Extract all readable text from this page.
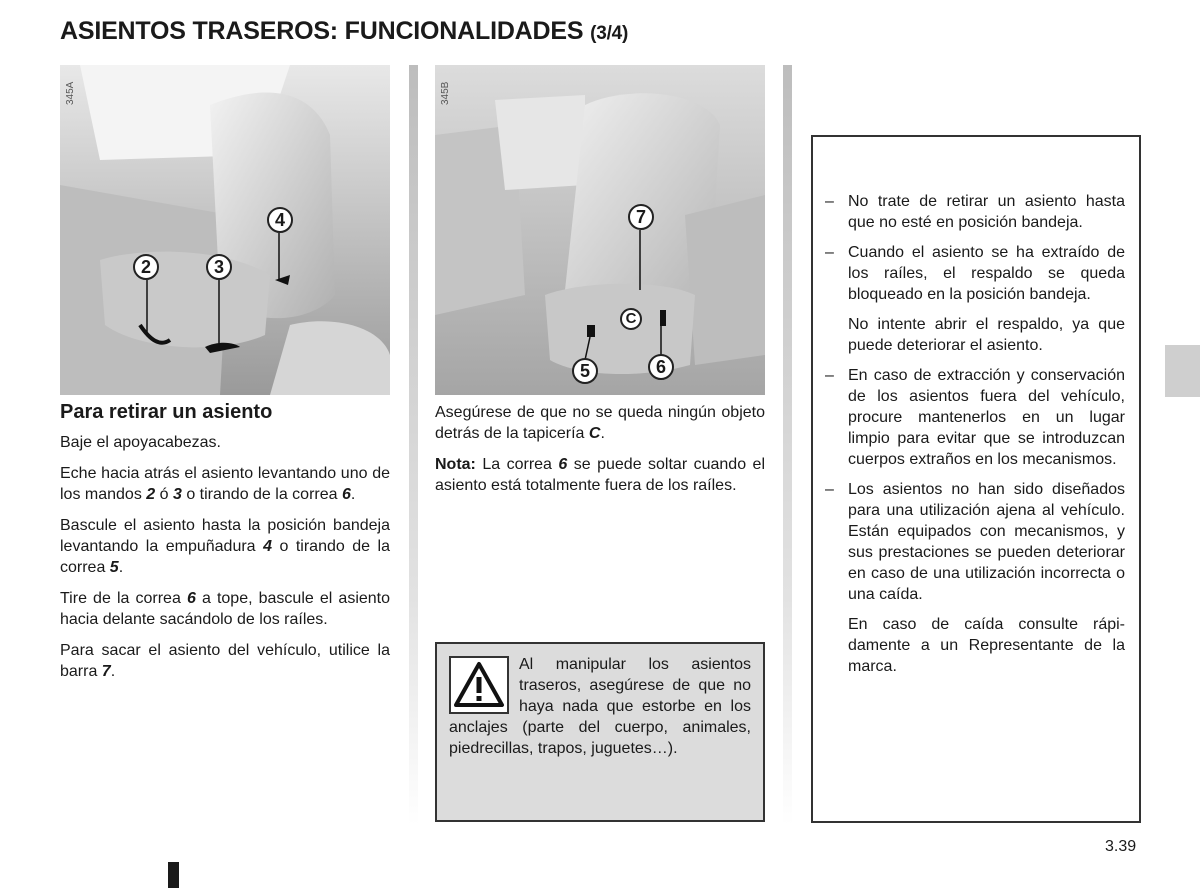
ASIENTOS TRASEROS: FUNCIONALIDADES (3/4)
345A
2	3
4
345B
7
C
5	6
Para retirar un asiento

Baje el apoyacabezas.

Eche hacia atrás el asiento levantando uno de los mandos 2 ó 3 o tirando de la correa 6.

Bascule el asiento hasta la posición bandeja levantando la empuñadura 4 o tirando de la correa 5.

Tire de la correa 6 a tope, bascule el asiento hacia delante sacándolo de los raíles.

Para sacar el asiento del vehículo, utilice la barra 7.

Asegúrese de que no se queda ningún objeto detrás de la tapicería C.

Nota: La correa 6 se puede soltar cuando el asiento está totalmente fuera de los raíles.

Al manipular los asientos traseros, asegúrese de que no haya nada que estorbe en los anclajes (parte del cuerpo, animales, piedrecillas, trapos, juguetes…).
– No trate de retirar un asiento hasta que no esté en posición bandeja.
– Cuando el asiento se ha extraído de los raíles, el respaldo se queda bloqueado en la posición bandeja.
No intente abrir el respaldo, ya que puede deteriorar el asiento.
– En caso de extracción y conservación de los asientos fuera del vehículo, procure mantenerlos en un lugar limpio para evitar que se introduzcan cuerpos extraños en los mecanismos.
– Los asientos no han sido diseñados para una utilización ajena al vehículo. Están equipados con mecanismos, y sus prestaciones se pueden deteriorar en caso de una utilización incorrecta o una caída.
En caso de caída consulte rápidamente a un Representante de la marca.
3.39
